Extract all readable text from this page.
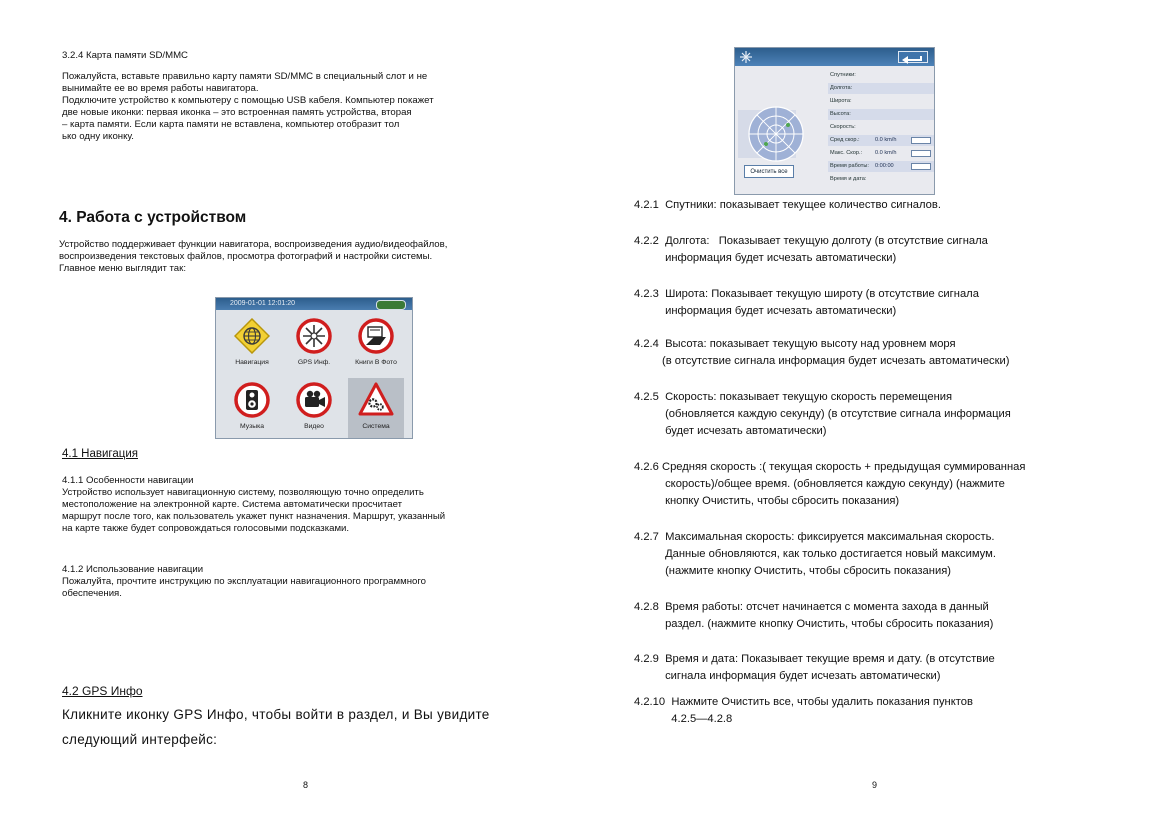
3.2.4 Карта памяти SD/MMC
Пожалуйста, вставьте правильно карту памяти SD/MMC в специальный слот и не
вынимайте ее во время работы навигатора.
Подключите устройство к компьютеру с помощью USB кабеля. Компьютер покажет
две новые иконки: первая иконка – это встроенная память устройства, вторая
– карта памяти. Если карта памяти не вставлена, компьютер отобразит тол
ько одну иконку.
4. Работа с устройством
Устройство поддерживает функции навигатора, воспроизведения аудио/видеофайлов,
воспроизведения текстовых файлов, просмотра фотографий и настройки системы.
Главное меню выглядит так:
2009-01-01 12:01:20
Навигация	GPS Инф.	Книги В Фото
Музыка	Видео	Система
4.1 Навигация
4.1.1 Особенности навигации
Устройство использует навигационную систему, позволяющую точно определить
местоположение на электронной карте. Система автоматически просчитает
маршрут после того, как пользователь укажет пункт назначения. Маршрут, указанный
на карте также будет сопровождаться голосовыми подсказками.
4.1.2 Использование навигации
Пожалуйта, прочтите инструкцию по эксплуатации навигационного программного
обеспечения.
4.2 GPS Инфо
Кликните иконку GPS Инфо, чтобы войти в раздел, и Вы увидите
следующий интерфейс:
8
Очистить все
Спутники:
Долгота:
Широта:
Высота:
Скорость:
Сред скор.:	0.0 km/h
Макс. Скор.: 0.0 km/h
Время работы: 0:00:00
Время и дата:
4.2.1  Спутники: показывает текущее количество сигналов.
4.2.2  Долгота:   Показывает текущую долготу (в отсутствие сигнала
информация будет исчезать автоматически)
4.2.3  Широта: Показывает текущую широту (в отсутствие сигнала
информация будет исчезать автоматически)
4.2.4  Высота: показывает текущую высоту над уровнем моря
(в отсутствие сигнала информация будет исчезать автоматически)
4.2.5  Скорость: показывает текущую скорость перемещения
(обновляется каждую секунду) (в отсутствие сигнала информация
будет исчезать автоматически)
4.2.6 Средняя скорость :( текущая скорость + предыдущая суммированная
скорость)/общее время. (обновляется каждую секунду) (нажмите
кнопку Очистить, чтобы сбросить показания)
4.2.7  Максимальная скорость: фиксируется максимальная скорость.
Данные обновляются, как только достигается новый максимум.
(нажмите кнопку Очистить, чтобы сбросить показания)
4.2.8  Время работы: отсчет начинается с момента захода в данный
раздел. (нажмите кнопку Очистить, чтобы сбросить показания)
4.2.9  Время и дата: Показывает текущие время и дату. (в отсутствие
сигнала информация будет исчезать автоматически)
4.2.10  Нажмите Очистить все, чтобы удалить показания пунктов
4.2.5—4.2.8
9
